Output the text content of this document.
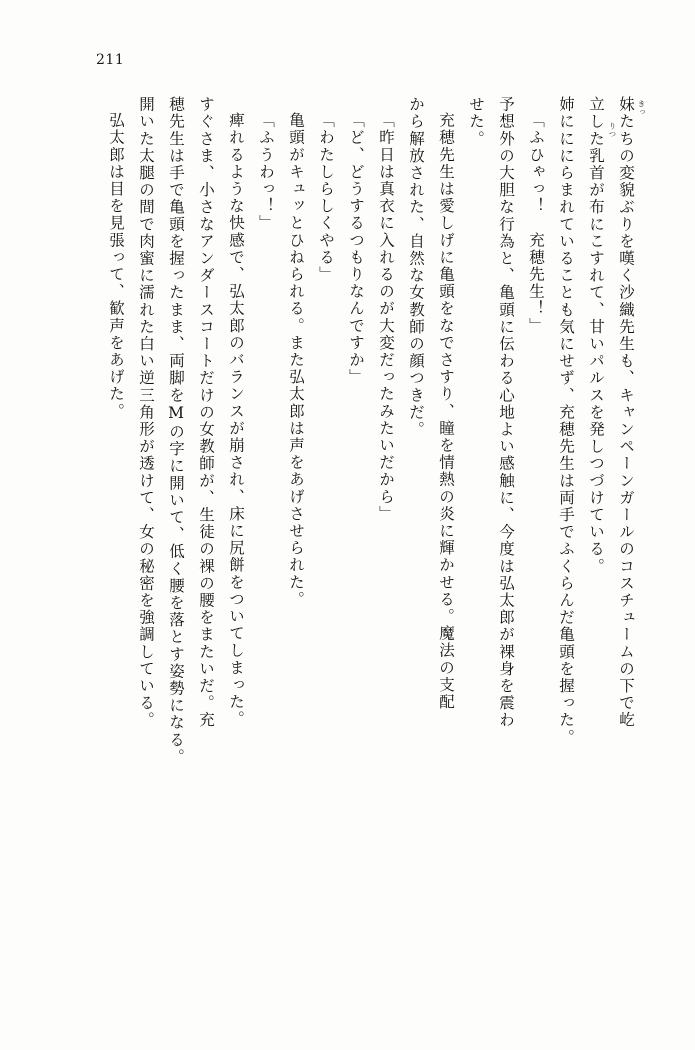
211
きっ
りつ 妹たちの変貌ぶりを嘆く沙織先生も、キャンペーンガールのコスチュームの下で屹
立した乳首が布にこすれて、甘いパルスを発しつづけている。
姉にににらまれていることも気にせず、充穂先生は両手でふくらんだ亀頭を握った。
「ふひゃっ！　充穂先生！」
予想外の大胆な行為と、亀頭に伝わる心地よい感触に、今度は弘太郎が裸身を震わ
せた。
充穂先生は愛しげに亀頭をなでさすり、瞳を情熱の炎に輝かせる。魔法の支配
から解放された、自然な女教師の顔つきだ。
「昨日は真衣に入れるのが大変だったみたいだから」
「ど、どうするつもりなんですか」
「わたしらしくやる」
亀頭がキュッとひねられる。また弘太郎は声をあげさせられた。
「ふうわっ！」
痺れるような快感で、弘太郎のバランスが崩され、床に尻餅をついてしまった。
すぐさま、小さなアンダースコートだけの女教師が、生徒の裸の腰をまたいだ。充
穂先生は手で亀頭を握ったまま、両脚をMの字に開いて、低く腰を落とす姿勢になる。
開いた太腿の間で肉蜜に濡れた白い逆三角形が透けて、女の秘密を強調している。
弘太郎は目を見張って、歓声をあげた。
